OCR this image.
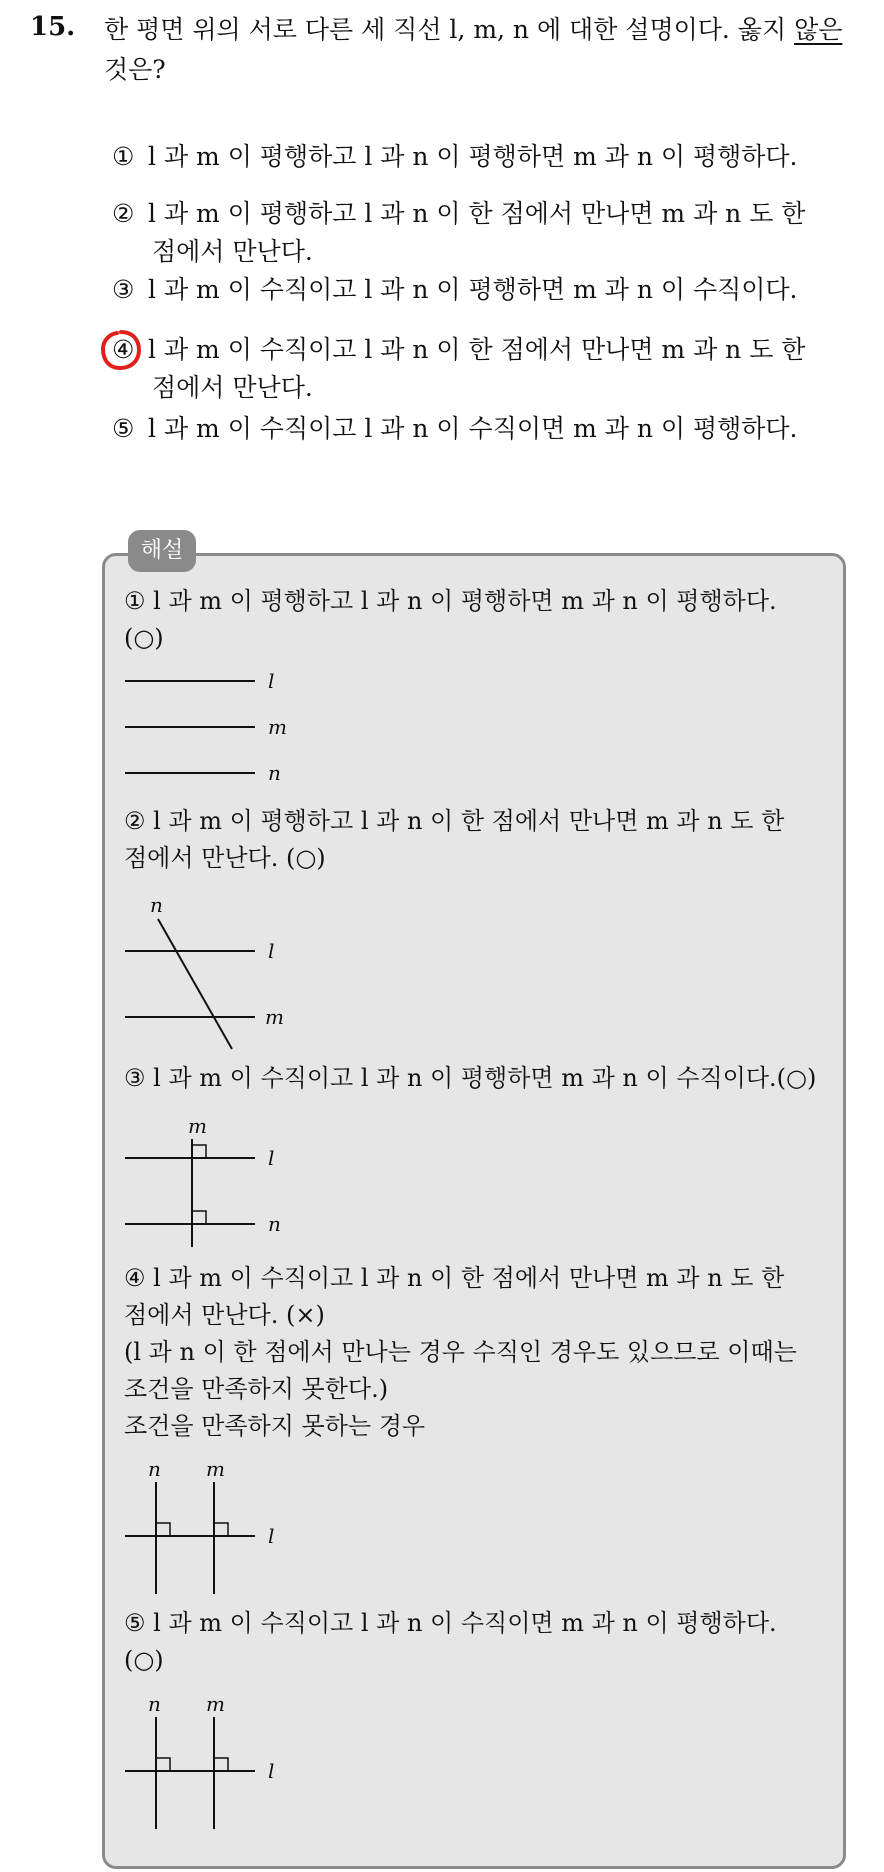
15. 한 평면 위의 서로 다른 세 직선 l, m, n 에 대한 설명이다. 옳지 않은 것은?
① l 과 m 이 평행하고 l 과 n 이 평행하면 m 과 n 이 평행하다.
② l 과 m 이 평행하고 l 과 n 이 한 점에서 만나면 m 과 n 도 한
점에서 만난다.
③ l 과 m 이 수직이고 l 과 n 이 평행하면 m 과 n 이 수직이다.
④ l 과 m 이 수직이고 l 과 n 이 한 점에서 만나면 m 과 n 도 한
점에서 만난다.
⑤ l 과 m 이 수직이고 l 과 n 이 수직이면 m 과 n 이 평행하다.
해설
① l 과 m 이 평행하고 l 과 n 이 평행하면 m 과 n 이 평행하다.
(○)
l
m
n
② l 과 m 이 평행하고 l 과 n 이 한 점에서 만나면 m 과 n 도 한
점에서 만난다. (○)
n
l
m
③ l 과 m 이 수직이고 l 과 n 이 평행하면 m 과 n 이 수직이다.(○)
m
l
n
④ l 과 m 이 수직이고 l 과 n 이 한 점에서 만나면 m 과 n 도 한
점에서 만난다. (×)
(l 과 n 이 한 점에서 만나는 경우 수직인 경우도 있으므로 이때는
조건을 만족하지 못한다.)
조건을 만족하지 못하는 경우
n m
l
⑤ l 과 m 이 수직이고 l 과 n 이 수직이면 m 과 n 이 평행하다.
(○)
n m
l
